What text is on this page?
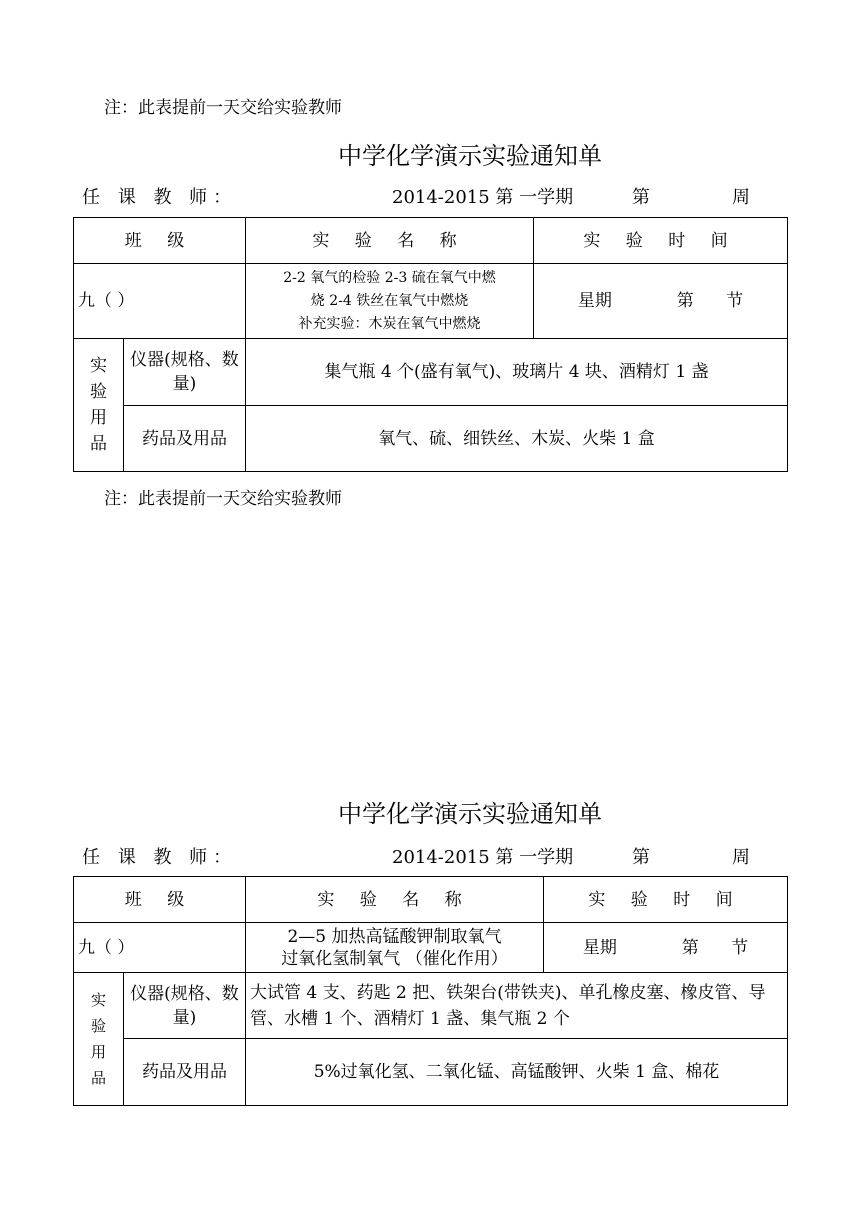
注：此表提前一天交给实验教师
中学化学演示实验通知单
任 课 教 师：	2014-2015 第 一学期	第	周
班 级		实 验 名 称	实 验 时 间
九（ ）		2-2 氧气的检验 2-3 硫在氧气中燃
烧 2-4 铁丝在氧气中燃烧
补充实验：木炭在氧气中燃烧	星期            第      节
实验用品	仪器(规格、数量)	集气瓶 4 个(盛有氧气)、玻璃片 4 块、酒精灯 1 盏	
	药品及用品	氧气、硫、细铁丝、木炭、火柴 1 盒	
注：此表提前一天交给实验教师
中学化学演示实验通知单
任 课 教 师：	2014-2015 第 一学期	第	周
班 级		实 验 名 称	实 验 时 间
九（ ）		2—5 加热高锰酸钾制取氧气
过氧化氢制氧气 （催化作用）	星期            第      节
实验用品	仪器(规格、数量)	大试管 4 支、药匙 2 把、铁架台(带铁夹)、单孔橡皮塞、橡皮管、导管、水槽 1 个、酒精灯 1 盏、集气瓶 2 个	
	药品及用品	5%过氧化氢、二氧化锰、高锰酸钾、火柴 1 盒、棉花	
